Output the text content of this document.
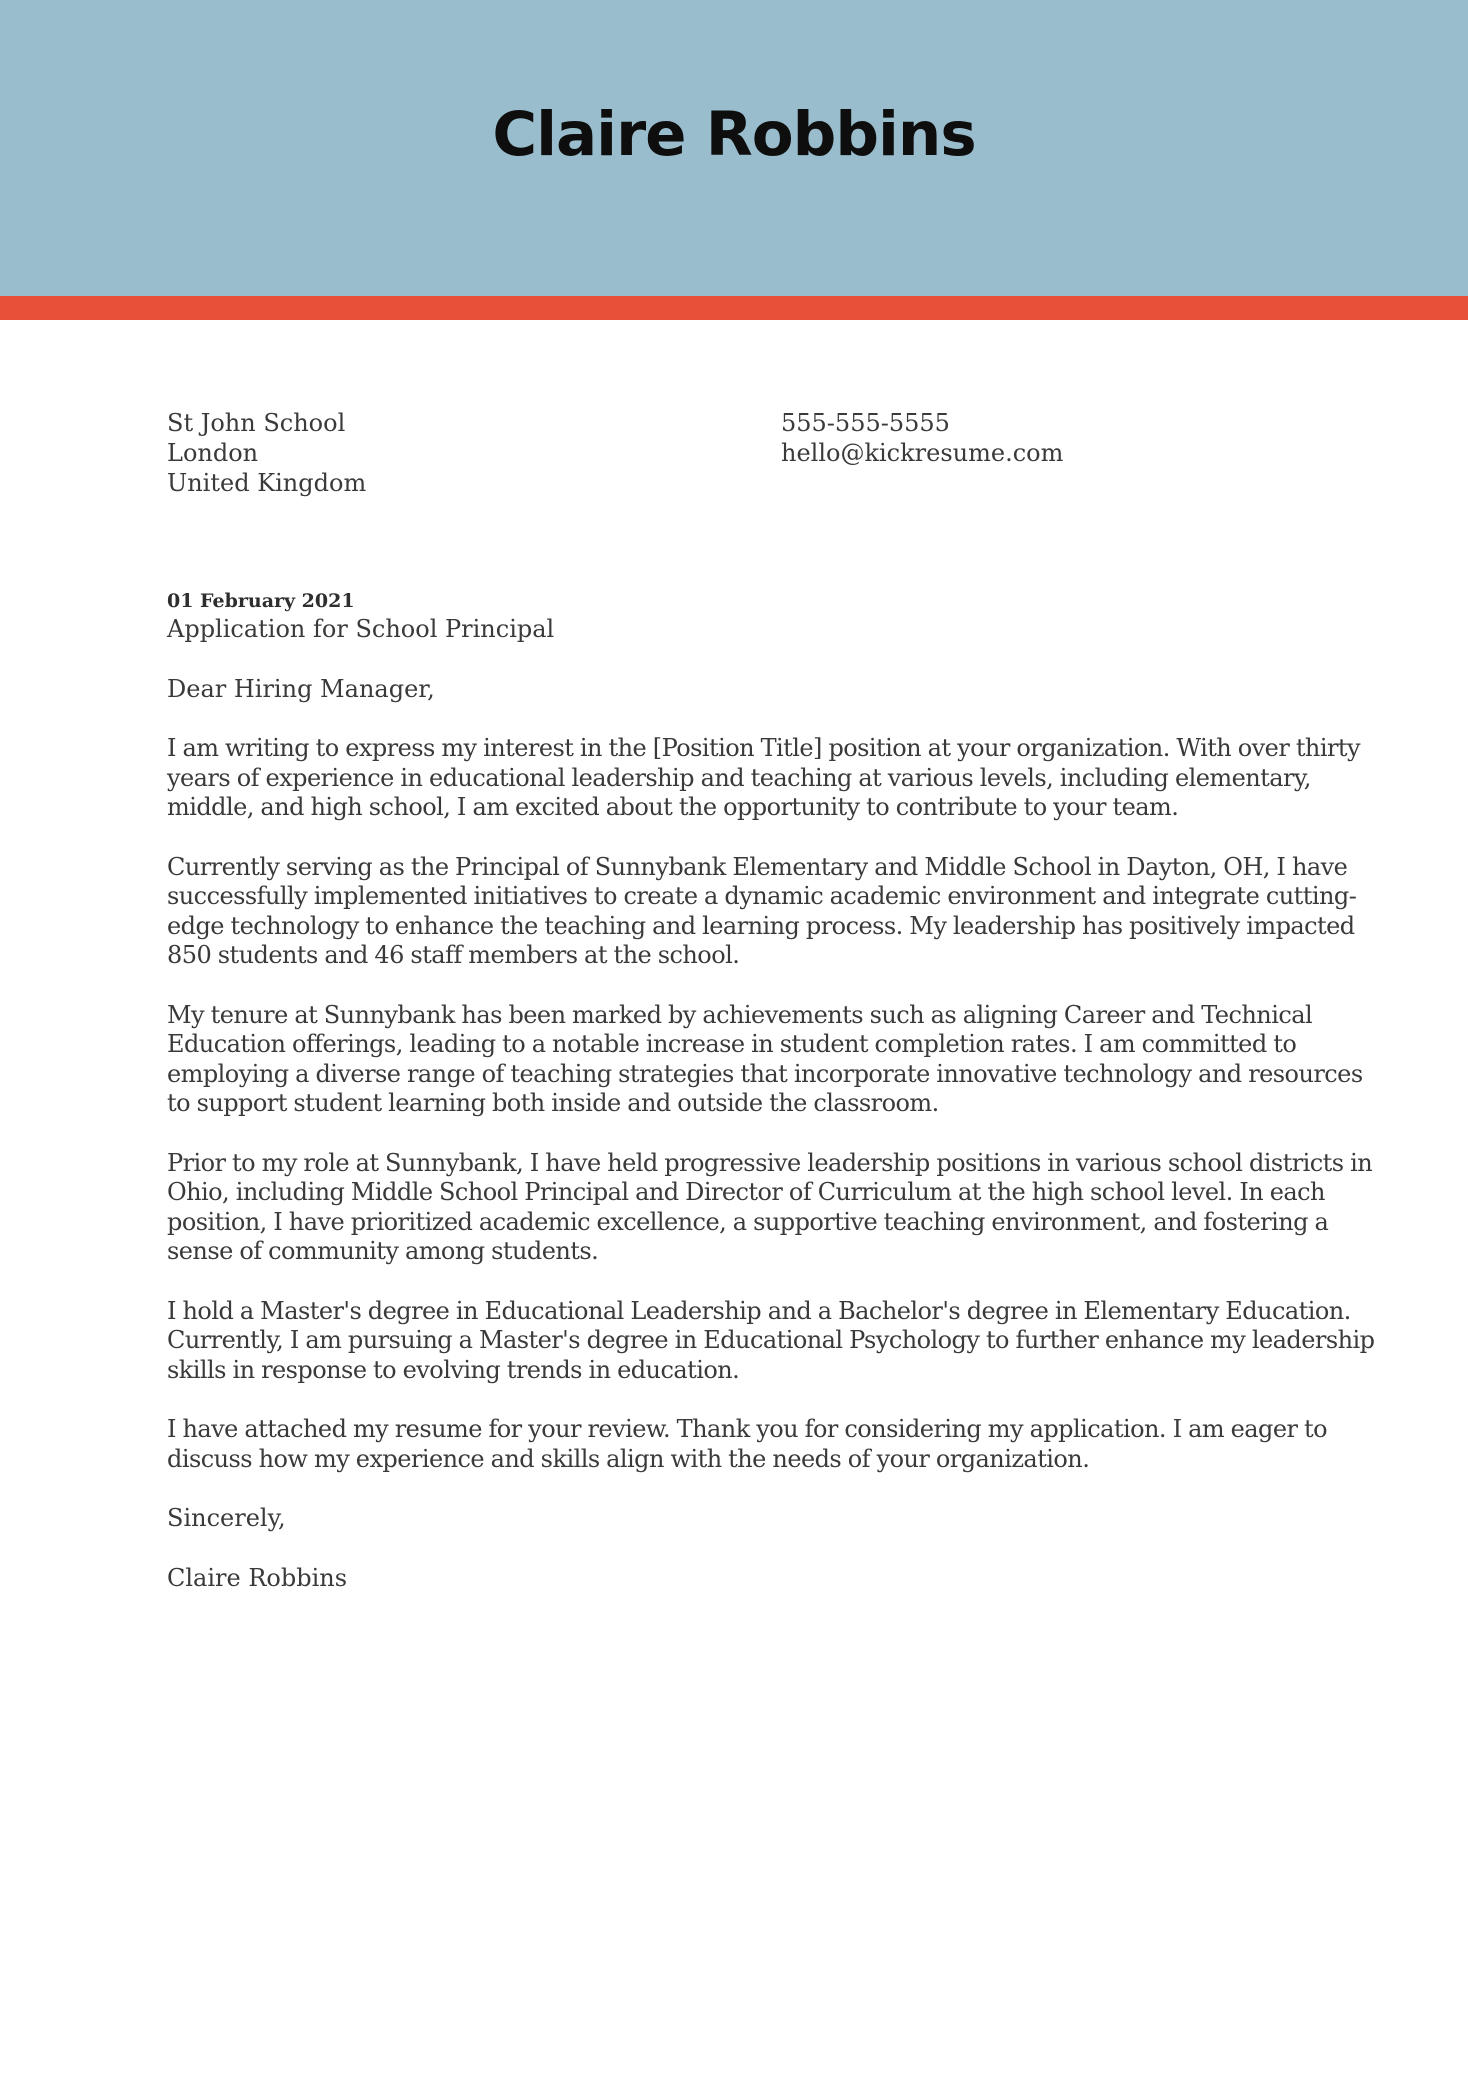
Claire Robbins
St John School
London
United Kingdom
555-555-5555
hello@kickresume.com
01 February 2021
Application for School Principal
Dear Hiring Manager,
I am writing to express my interest in the [Position Title] position at your organization. With over thirty years of experience in educational leadership and teaching at various levels, including elementary, middle, and high school, I am excited about the opportunity to contribute to your team.
Currently serving as the Principal of Sunnybank Elementary and Middle School in Dayton, OH, I have successfully implemented initiatives to create a dynamic academic environment and integrate cutting-edge technology to enhance the teaching and learning process. My leadership has positively impacted 850 students and 46 staff members at the school.
My tenure at Sunnybank has been marked by achievements such as aligning Career and Technical Education offerings, leading to a notable increase in student completion rates. I am committed to employing a diverse range of teaching strategies that incorporate innovative technology and resources to support student learning both inside and outside the classroom.
Prior to my role at Sunnybank, I have held progressive leadership positions in various school districts in Ohio, including Middle School Principal and Director of Curriculum at the high school level. In each position, I have prioritized academic excellence, a supportive teaching environment, and fostering a sense of community among students.
I hold a Master's degree in Educational Leadership and a Bachelor's degree in Elementary Education. Currently, I am pursuing a Master's degree in Educational Psychology to further enhance my leadership skills in response to evolving trends in education.
I have attached my resume for your review. Thank you for considering my application. I am eager to discuss how my experience and skills align with the needs of your organization.
Sincerely,
Claire Robbins
